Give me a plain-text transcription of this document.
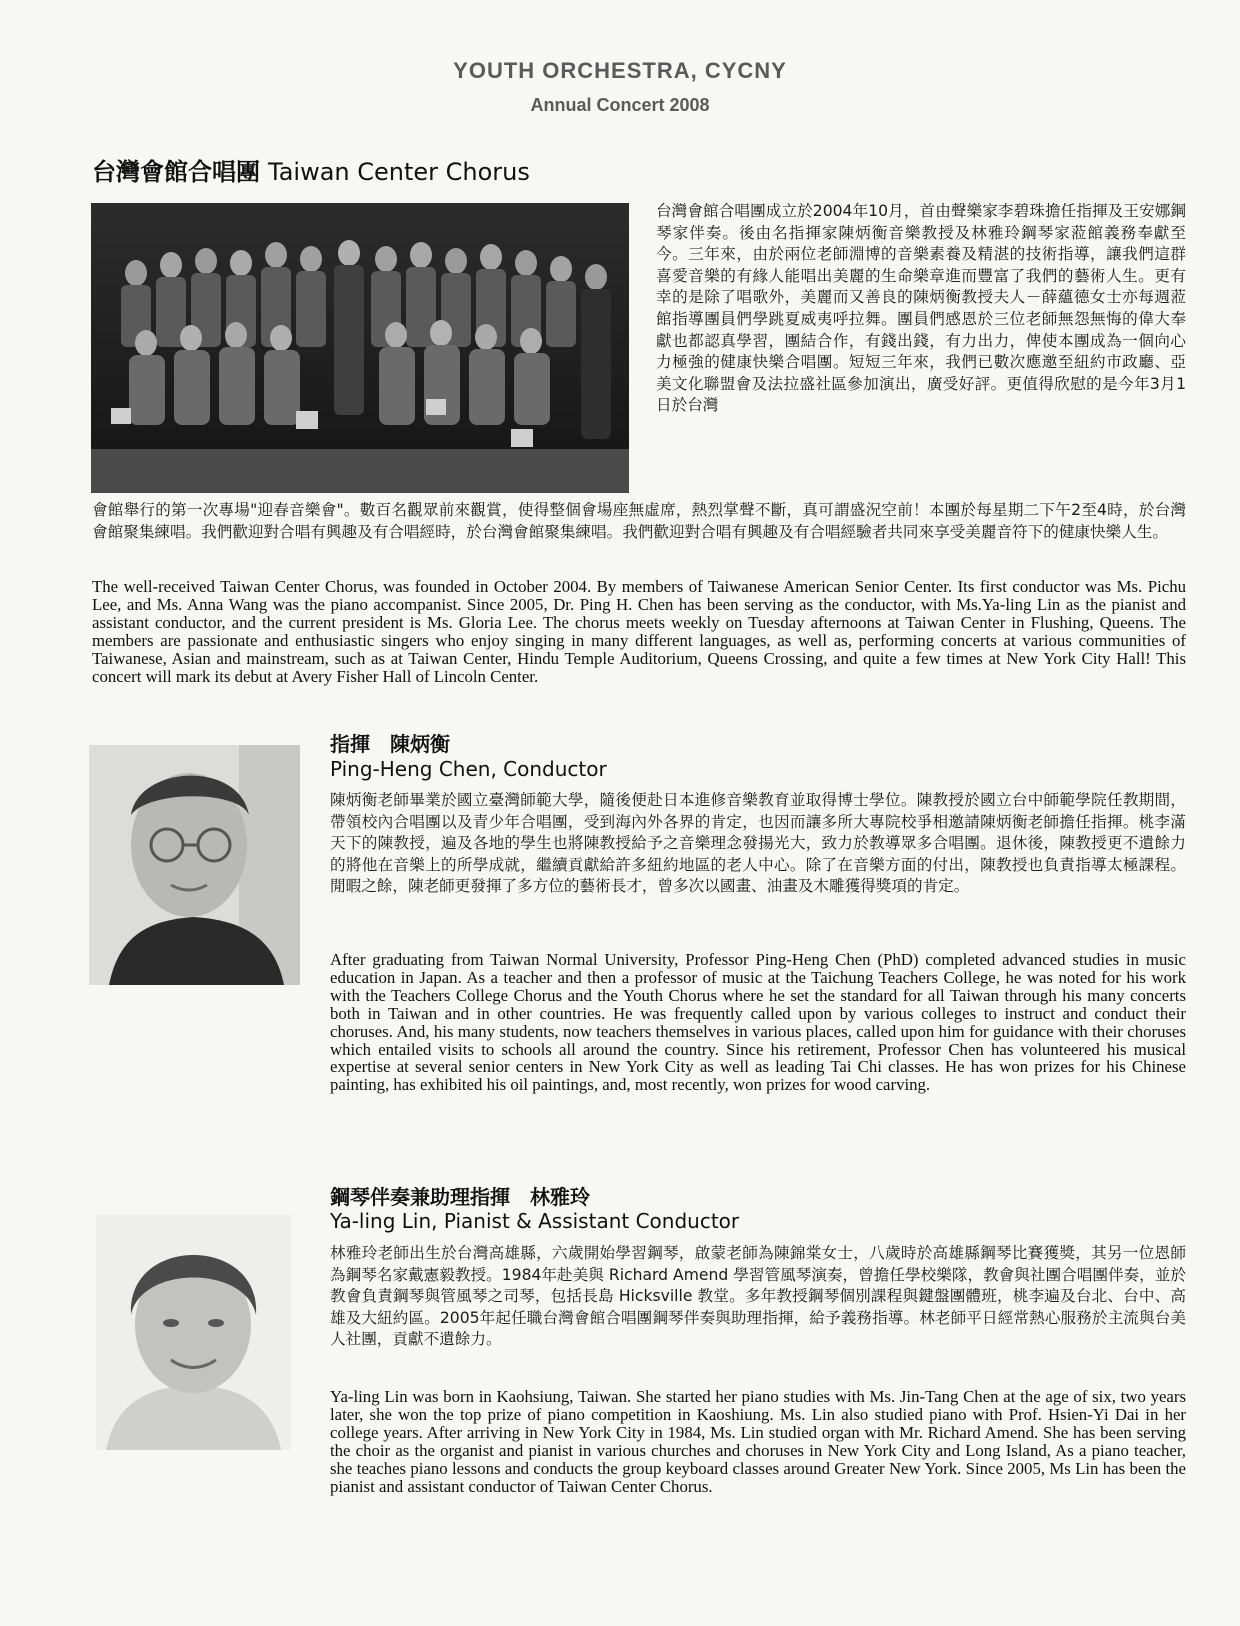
YOUTH ORCHESTRA, CYCNY
Annual Concert 2008
台灣會館合唱團 Taiwan Center Chorus
台灣會館合唱團成立於2004年10月，首由聲樂家李碧珠擔任指揮及王安娜鋼琴家伴奏。後由名指揮家陳炳衡音樂教授及林雅玲鋼琴家蒞館義務奉獻至今。三年來，由於兩位老師淵博的音樂素養及精湛的技術指導，讓我們這群喜愛音樂的有緣人能唱出美麗的生命樂章進而豐富了我們的藝術人生。更有幸的是除了唱歌外，美麗而又善良的陳炳衡教授夫人－薛蘊德女士亦每週蒞館指導團員們學跳夏威夷呼拉舞。團員們感恩於三位老師無怨無悔的偉大奉獻也都認真學習，團結合作，有錢出錢，有力出力，俾使本團成為一個向心力極強的健康快樂合唱團。短短三年來，我們已數次應邀至紐約市政廳、亞美文化聯盟會及法拉盛社區參加演出，廣受好評。更值得欣慰的是今年3月1日於台灣
會館舉行的第一次專場"迎春音樂會"。數百名觀眾前來觀賞，使得整個會場座無虛席，熱烈掌聲不斷，真可謂盛況空前！本團於每星期二下午2至4時，於台灣會館聚集練唱。我們歡迎對合唱有興趣及有合唱經時，於台灣會館聚集練唱。我們歡迎對合唱有興趣及有合唱經驗者共同來享受美麗音符下的健康快樂人生。
The well-received Taiwan Center Chorus, was founded in October 2004. By members of Taiwanese American Senior Center. Its first conductor was Ms. Pichu Lee, and Ms. Anna Wang was the piano accompanist. Since 2005, Dr. Ping H. Chen has been serving as the conductor, with Ms.Ya-ling Lin as the pianist and assistant conductor, and the current president is Ms. Gloria Lee. The chorus meets weekly on Tuesday afternoons at Taiwan Center in Flushing, Queens. The members are passionate and enthusiastic singers who enjoy singing in many different languages, as well as, performing concerts at various communities of Taiwanese, Asian and mainstream, such as at Taiwan Center, Hindu Temple Auditorium, Queens Crossing, and quite a few times at New York City Hall! This concert will mark its debut at Avery Fisher Hall of Lincoln Center.
指揮　陳炳衡
Ping-Heng Chen, Conductor
陳炳衡老師畢業於國立臺灣師範大學，隨後便赴日本進修音樂教育並取得博士學位。陳教授於國立台中師範學院任教期間，帶領校內合唱團以及青少年合唱團，受到海內外各界的肯定，也因而讓多所大專院校爭相邀請陳炳衡老師擔任指揮。桃李滿天下的陳教授，遍及各地的學生也將陳教授給予之音樂理念發揚光大，致力於教導眾多合唱團。退休後，陳教授更不遺餘力的將他在音樂上的所學成就，繼續貢獻給許多紐約地區的老人中心。除了在音樂方面的付出，陳教授也負責指導太極課程。閒暇之餘，陳老師更發揮了多方位的藝術長才，曾多次以國畫、油畫及木雕獲得獎項的肯定。
After graduating from Taiwan Normal University, Professor Ping-Heng Chen (PhD) completed advanced studies in music education in Japan. As a teacher and then a professor of music at the Taichung Teachers College, he was noted for his work with the Teachers College Chorus and the Youth Chorus where he set the standard for all Taiwan through his many concerts both in Taiwan and in other countries. He was frequently called upon by various colleges to instruct and conduct their choruses. And, his many students, now teachers themselves in various places, called upon him for guidance with their choruses which entailed visits to schools all around the country. Since his retirement, Professor Chen has volunteered his musical expertise at several senior centers in New York City as well as leading Tai Chi classes. He has won prizes for his Chinese painting, has exhibited his oil paintings, and, most recently, won prizes for wood carving.
鋼琴伴奏兼助理指揮　林雅玲
Ya-ling Lin, Pianist & Assistant Conductor
林雅玲老師出生於台灣高雄縣，六歲開始學習鋼琴，啟蒙老師為陳錦棠女士，八歲時於高雄縣鋼琴比賽獲獎，其另一位恩師為鋼琴名家戴憲毅教授。1984年赴美與 Richard Amend 學習管風琴演奏，曾擔任學校樂隊，教會與社團合唱團伴奏，並於教會負責鋼琴與管風琴之司琴，包括長島 Hicksville 教堂。多年教授鋼琴個別課程與鍵盤團體班，桃李遍及台北、台中、高雄及大紐約區。2005年起任職台灣會館合唱團鋼琴伴奏與助理指揮，給予義務指導。林老師平日經常熱心服務於主流與台美人社團，貢獻不遺餘力。
Ya-ling Lin was born in Kaohsiung, Taiwan. She started her piano studies with Ms. Jin-Tang Chen at the age of six, two years later, she won the top prize of piano competition in Kaoshiung. Ms. Lin also studied piano with Prof. Hsien-Yi Dai in her college years. After arriving in New York City in 1984, Ms. Lin studied organ with Mr. Richard Amend. She has been serving the choir as the organist and pianist in various churches and choruses in New York City and Long Island, As a piano teacher, she teaches piano lessons and conducts the group keyboard classes around Greater New York. Since 2005, Ms Lin has been the pianist and assistant conductor of Taiwan Center Chorus.
